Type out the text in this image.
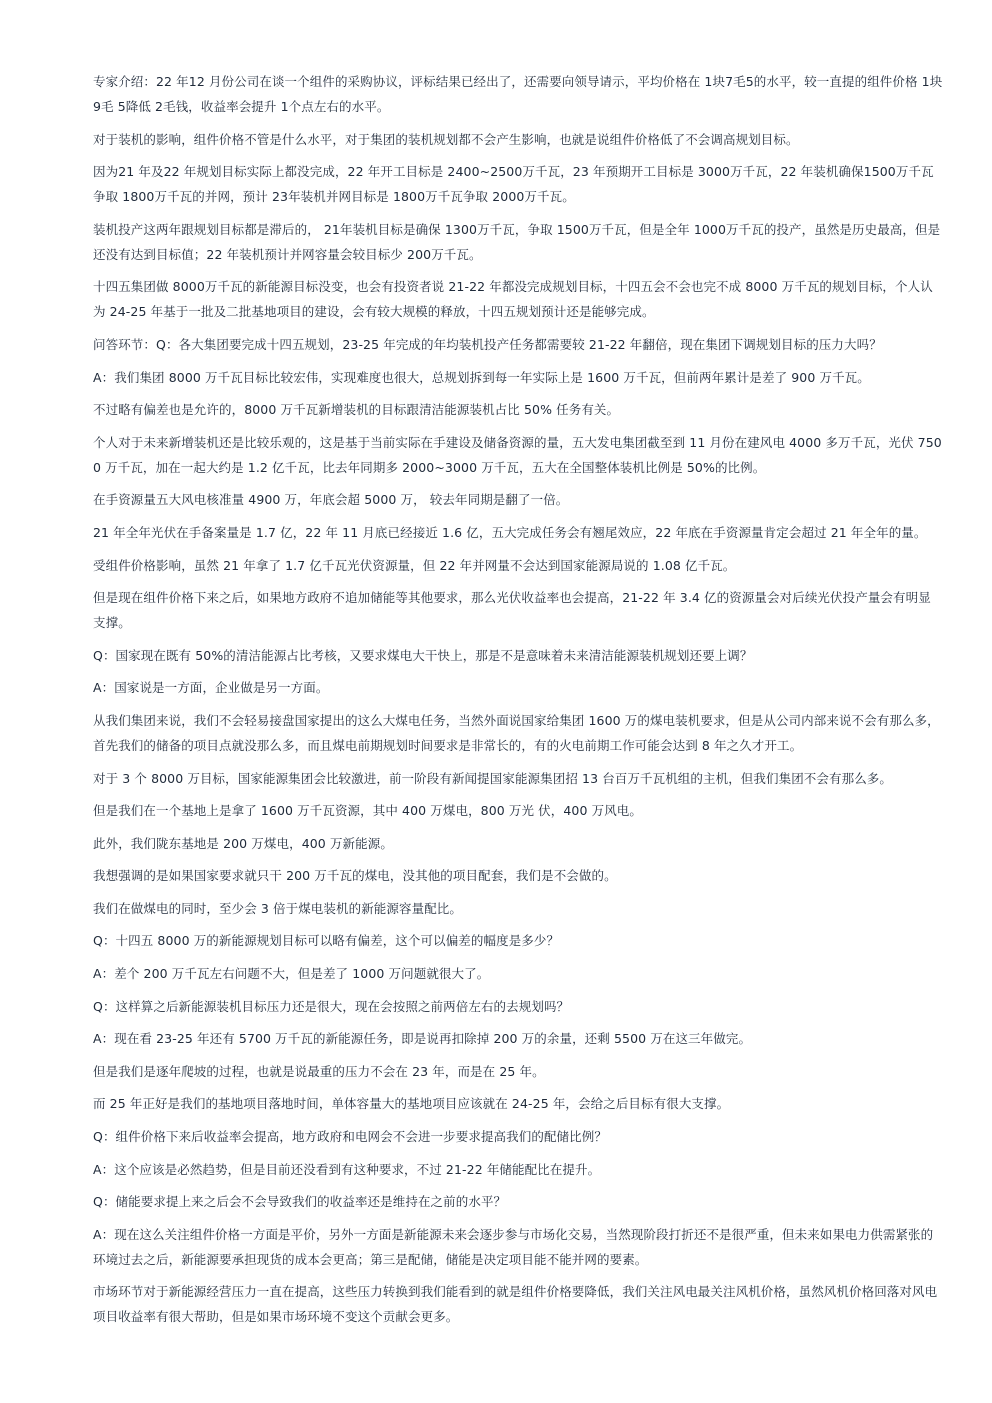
专家介绍：22 年12 月份公司在谈一个组件的采购协议，评标结果已经出了，还需要向领导请示，平均价格在 1块7毛5的水平，较一直提的组件价格 1块 9毛 5降低 2毛钱，收益率会提升 1个点左右的水平。

对于装机的影响，组件价格不管是什么水平，对于集团的装机规划都不会产生影响，也就是说组件价格低了不会调高规划目标。

因为21 年及22 年规划目标实际上都没完成，22 年开工目标是 2400~2500万千瓦，23 年预期开工目标是 3000万千瓦，22 年装机确保1500万千瓦争取 1800万千瓦的并网，预计 23年装机并网目标是 1800万千瓦争取 2000万千瓦。

装机投产这两年跟规划目标都是滞后的， 21年装机目标是确保 1300万千瓦，争取 1500万千瓦，但是全年 1000万千瓦的投产，虽然是历史最高，但是还没有达到目标值；22 年装机预计并网容量会较目标少 200万千瓦。

十四五集团做 8000万千瓦的新能源目标没变，也会有投资者说 21-22 年都没完成规划目标，十四五会不会也完不成 8000 万千瓦的规划目标，个人认为 24-25 年基于一批及二批基地项目的建设，会有较大规模的释放，十四五规划预计还是能够完成。

问答环节：Q：各大集团要完成十四五规划，23-25 年完成的年均装机投产任务都需要较 21-22 年翻倍，现在集团下调规划目标的压力大吗？

A：我们集团 8000 万千瓦目标比较宏伟，实现难度也很大，总规划拆到每一年实际上是 1600 万千瓦，但前两年累计是差了 900 万千瓦。

不过略有偏差也是允许的，8000 万千瓦新增装机的目标跟清洁能源装机占比 50% 任务有关。

个人对于未来新增装机还是比较乐观的，这是基于当前实际在手建设及储备资源的量，五大发电集团截至到 11 月份在建风电 4000 多万千瓦，光伏 7500 万千瓦，加在一起大约是 1.2 亿千瓦，比去年同期多 2000~3000 万千瓦，五大在全国整体装机比例是 50%的比例。

在手资源量五大风电核准量 4900 万，年底会超 5000 万， 较去年同期是翻了一倍。

21 年全年光伏在手备案量是 1.7 亿，22 年 11 月底已经接近 1.6 亿，五大完成任务会有翘尾效应，22 年底在手资源量肯定会超过 21 年全年的量。

受组件价格影响，虽然 21 年拿了 1.7 亿千瓦光伏资源量，但 22 年并网量不会达到国家能源局说的 1.08 亿千瓦。

但是现在组件价格下来之后，如果地方政府不追加储能等其他要求，那么光伏收益率也会提高，21-22 年 3.4 亿的资源量会对后续光伏投产量会有明显支撑。

Q：国家现在既有 50%的清洁能源占比考核，又要求煤电大干快上，那是不是意味着未来清洁能源装机规划还要上调？

A：国家说是一方面，企业做是另一方面。

从我们集团来说，我们不会轻易接盘国家提出的这么大煤电任务，当然外面说国家给集团 1600 万的煤电装机要求，但是从公司内部来说不会有那么多，首先我们的储备的项目点就没那么多，而且煤电前期规划时间要求是非常长的，有的火电前期工作可能会达到 8 年之久才开工。

对于 3 个 8000 万目标，国家能源集团会比较激进，前一阶段有新闻提国家能源集团招 13 台百万千瓦机组的主机，但我们集团不会有那么多。

但是我们在一个基地上是拿了 1600 万千瓦资源，其中 400 万煤电，800 万光 伏，400 万风电。

此外，我们陇东基地是 200 万煤电，400 万新能源。

我想强调的是如果国家要求就只干 200 万千瓦的煤电，没其他的项目配套，我们是不会做的。

我们在做煤电的同时，至少会 3 倍于煤电装机的新能源容量配比。

Q：十四五 8000 万的新能源规划目标可以略有偏差，这个可以偏差的幅度是多少？

A：差个 200 万千瓦左右问题不大，但是差了 1000 万问题就很大了。

Q：这样算之后新能源装机目标压力还是很大，现在会按照之前两倍左右的去规划吗？

A：现在看 23-25 年还有 5700 万千瓦的新能源任务，即是说再扣除掉 200 万的余量，还剩 5500 万在这三年做完。

但是我们是逐年爬坡的过程，也就是说最重的压力不会在 23 年，而是在 25 年。

而 25 年正好是我们的基地项目落地时间，单体容量大的基地项目应该就在 24-25 年，会给之后目标有很大支撑。

Q：组件价格下来后收益率会提高，地方政府和电网会不会进一步要求提高我们的配储比例？

A：这个应该是必然趋势，但是目前还没看到有这种要求，不过 21-22 年储能配比在提升。

Q：储能要求提上来之后会不会导致我们的收益率还是维持在之前的水平？

A：现在这么关注组件价格一方面是平价，另外一方面是新能源未来会逐步参与市场化交易，当然现阶段打折还不是很严重，但未来如果电力供需紧张的环境过去之后，新能源要承担现货的成本会更高；第三是配储，储能是决定项目能不能并网的要素。

市场环节对于新能源经营压力一直在提高，这些压力转换到我们能看到的就是组件价格要降低，我们关注风电最关注风机价格，虽然风机价格回落对风电项目收益率有很大帮助，但是如果市场环境不变这个贡献会更多。
